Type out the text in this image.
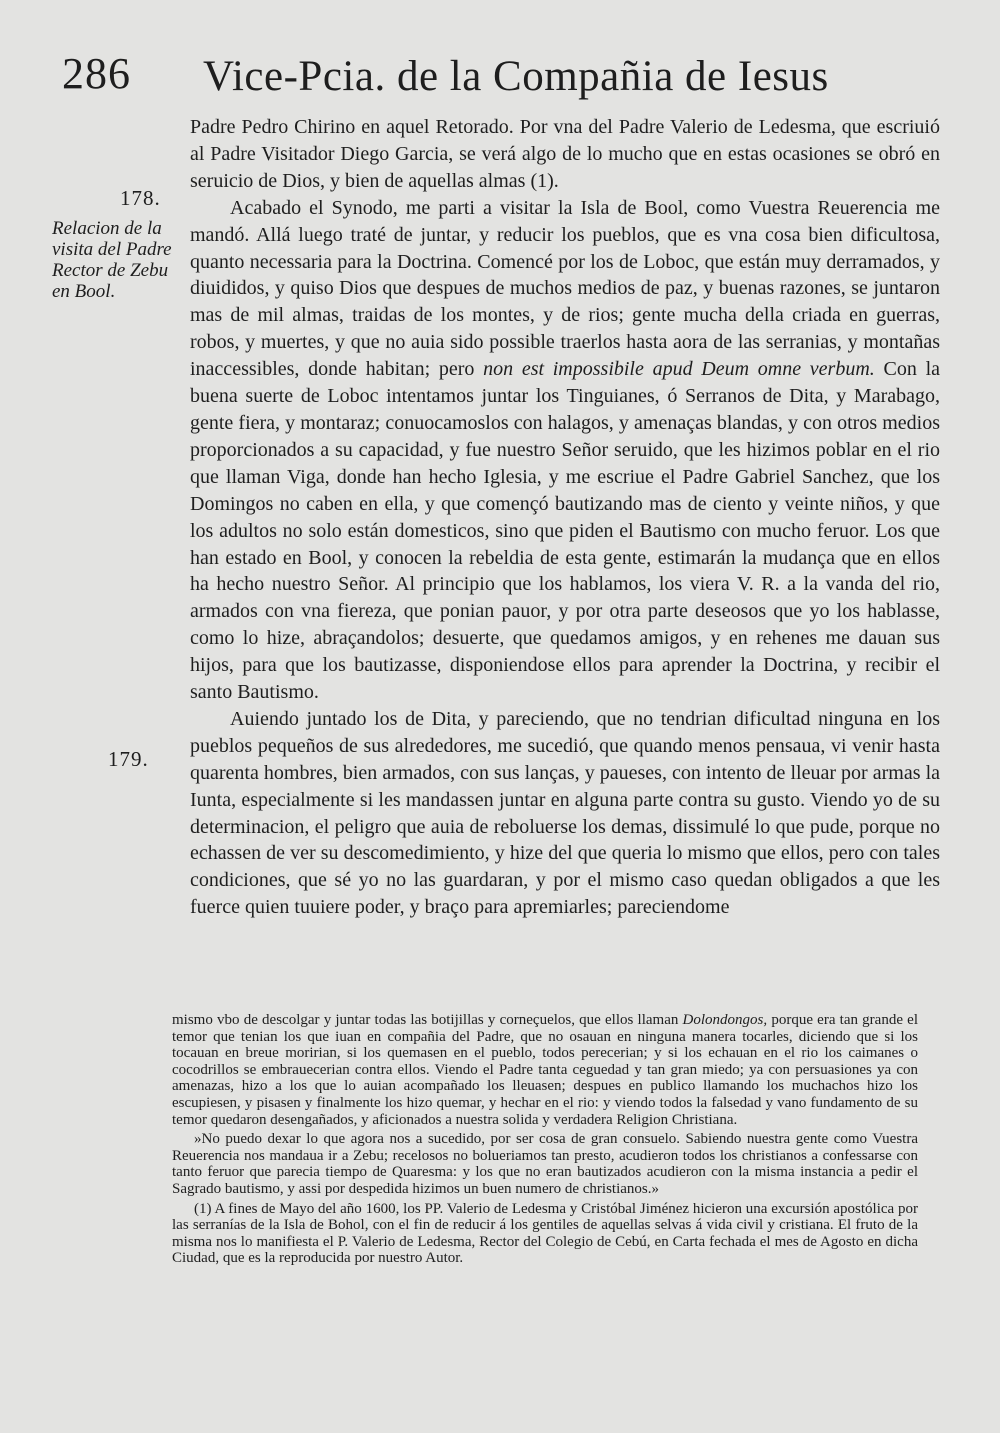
286 Vice-Pcia. de la Compañia de Iesus
178.
Relacion de la
visita del Padre
Rector de Zebu
en Bool.
179.

Padre Pedro Chirino en aquel Retorado. Por vna del Padre Valerio de Ledesma, que escriuió al Padre Visitador Diego Garcia, se verá algo de lo mucho que en estas ocasiones se obró en seruicio de Dios, y bien de aquellas almas (1).

Acabado el Synodo, me parti a visitar la Isla de Bool, como Vuestra Reuerencia me mandó. Allá luego traté de juntar, y reducir los pueblos, que es vna cosa bien dificultosa, quanto necessaria para la Doctrina. Comencé por los de Loboc, que están muy derramados, y diuididos, y quiso Dios que despues de muchos medios de paz, y buenas razones, se juntaron mas de mil almas, traidas de los montes, y de rios; gente mucha della criada en guerras, robos, y muertes, y que no auia sido possible traerlos hasta aora de las serranias, y montañas inaccessibles, donde habitan; pero non est impossibile apud Deum omne verbum. Con la buena suerte de Loboc intentamos juntar los Tinguianes, ó Serranos de Dita, y Marabago, gente fiera, y montaraz; conuocamoslos con halagos, y amenaças blandas, y con otros medios proporcionados a su capacidad, y fue nuestro Señor seruido, que les hizimos poblar en el rio que llaman Viga, donde han hecho Iglesia, y me escriue el Padre Gabriel Sanchez, que los Domingos no caben en ella, y que començó bautizando mas de ciento y veinte niños, y que los adultos no solo están domesticos, sino que piden el Bautismo con mucho feruor. Los que han estado en Bool, y conocen la rebeldia de esta gente, estimarán la mudança que en ellos ha hecho nuestro Señor. Al principio que los hablamos, los viera V. R. a la vanda del rio, armados con vna fiereza, que ponian pauor, y por otra parte deseosos que yo los hablasse, como lo hize, abraçandolos; desuerte, que quedamos amigos, y en rehenes me dauan sus hijos, para que los bautizasse, disponiendose ellos para aprender la Doctrina, y recibir el santo Bautismo.

Auiendo juntado los de Dita, y pareciendo, que no tendrian dificultad ninguna en los pueblos pequeños de sus alrededores, me sucedió, que quando menos pensaua, vi venir hasta quarenta hombres, bien armados, con sus lanças, y paueses, con intento de lleuar por armas la Iunta, especialmente si les mandassen juntar en alguna parte contra su gusto. Viendo yo de su determinacion, el peligro que auia de reboluerse los demas, dissimulé lo que pude, porque no echassen de ver su descomedimiento, y hize del que queria lo mismo que ellos, pero con tales condiciones, que sé yo no las guardaran, y por el mismo caso quedan obligados a que les fuerce quien tuuiere poder, y braço para apremiarles; pareciendome

mismo vbo de descolgar y juntar todas las botijillas y corneçuelos, que ellos llaman Dolondongos, porque era tan grande el temor que tenian los que iuan en compañia del Padre, que no osauan en ninguna manera tocarles, diciendo que si los tocauan en breue moririan, si los quemasen en el pueblo, todos perecerian; y si los echauan en el rio los caimanes o cocodrillos se embrauecerian contra ellos. Viendo el Padre tanta ceguedad y tan gran miedo; ya con persuasiones ya con amenazas, hizo a los que lo auian acompañado los lleuasen; despues en publico llamando los muchachos hizo los escupiesen, y pisasen y finalmente los hizo quemar, y hechar en el rio: y viendo todos la falsedad y vano fundamento de su temor quedaron desengañados, y aficionados a nuestra solida y verdadera Religion Christiana.

»No puedo dexar lo que agora nos a sucedido, por ser cosa de gran consuelo. Sabiendo nuestra gente como Vuestra Reuerencia nos mandaua ir a Zebu; recelosos no bolueriamos tan presto, acudieron todos los christianos a confessarse con tanto feruor que parecia tiempo de Quaresma: y los que no eran bautizados acudieron con la misma instancia a pedir el Sagrado bautismo, y assi por despedida hizimos un buen numero de christianos.»

(1) A fines de Mayo del año 1600, los PP. Valerio de Ledesma y Cristóbal Jiménez hicieron una excursión apostólica por las serranías de la Isla de Bohol, con el fin de reducir á los gentiles de aquellas selvas á vida civil y cristiana. El fruto de la misma nos lo manifiesta el P. Valerio de Ledesma, Rector del Colegio de Cebú, en Carta fechada el mes de Agosto en dicha Ciudad, que es la reproducida por nuestro Autor.
